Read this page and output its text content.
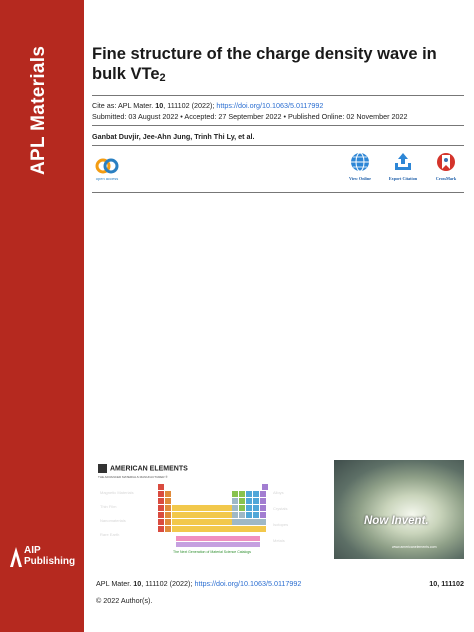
APL Materials
AIP
Publishing
Fine structure of the charge density wave in bulk VTe$_2$
Cite as: APL Mater. 10, 111102 (2022); https://doi.org/10.1063/5.0117992
Submitted: 03 August 2022 • Accepted: 27 September 2022 • Published Online: 02 November 2022
Ganbat Duvjir, Jee-Ahn Jung, Trinh Thi Ly, et al.
open access	View Online	Export Citation	CrossMark
AMERICAN ELEMENTS
THE ADVANCED MATERIALS MANUFACTURER ®
Magnetic Materials
Thin Film
Nanomaterials
Rare Earth
Alloys
Crystals
Isotopes
Metals
The Next Generation of Material Science Catalogs
Now Invent.
www.americanelements.com
APL Mater. 10, 111102 (2022); https://doi.org/10.1063/5.0117992	10, 111102
© 2022 Author(s).
